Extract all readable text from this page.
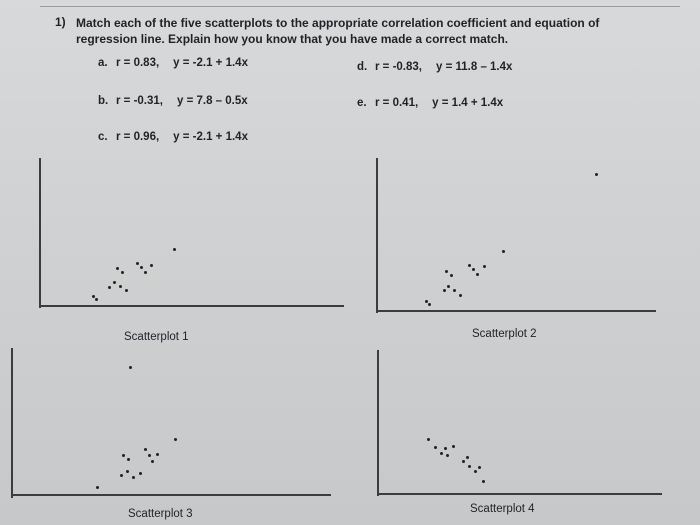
1) Match each of the five scatterplots to the appropriate correlation coefficient and equation of
regression line. Explain how you know that you have made a correct match.
a. r = 0.83, y = -2.1 + 1.4x
b. r = -0.31, y = 7.8 – 0.5x
c. r = 0.96, y = -2.1 + 1.4x
d. r = -0.83, y = 11.8 – 1.4x
e. r = 0.41, y = 1.4 + 1.4x
Scatterplot 1	Scatterplot 2
Scatterplot 3	Scatterplot 4
